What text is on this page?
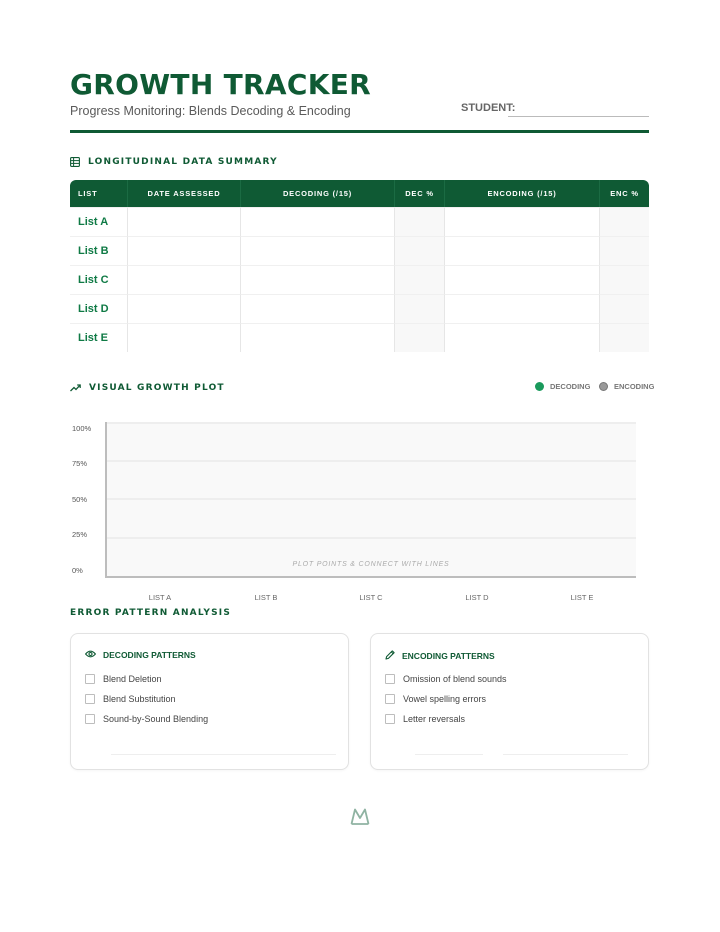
GROWTH TRACKER
Progress Monitoring: Blends Decoding & Encoding	STUDENT:
LONGITUDINAL DATA SUMMARY
LIST	DATE ASSESSED	DECODING (/15)	DEC %	ENCODING (/15)	ENC %
List A					
List B					
List C					
List D					
List E					
VISUAL GROWTH PLOT	DECODING	ENCODING
100%
75%
50%
25%
0%
PLOT POINTS & CONNECT WITH LINES
LIST A	LIST B	LIST C	LIST D	LIST E
ERROR PATTERN ANALYSIS
DECODING PATTERNS
Blend Deletion
Blend Substitution
Sound-by-Sound Blending
ENCODING PATTERNS
Omission of blend sounds
Vowel spelling errors
Letter reversals
